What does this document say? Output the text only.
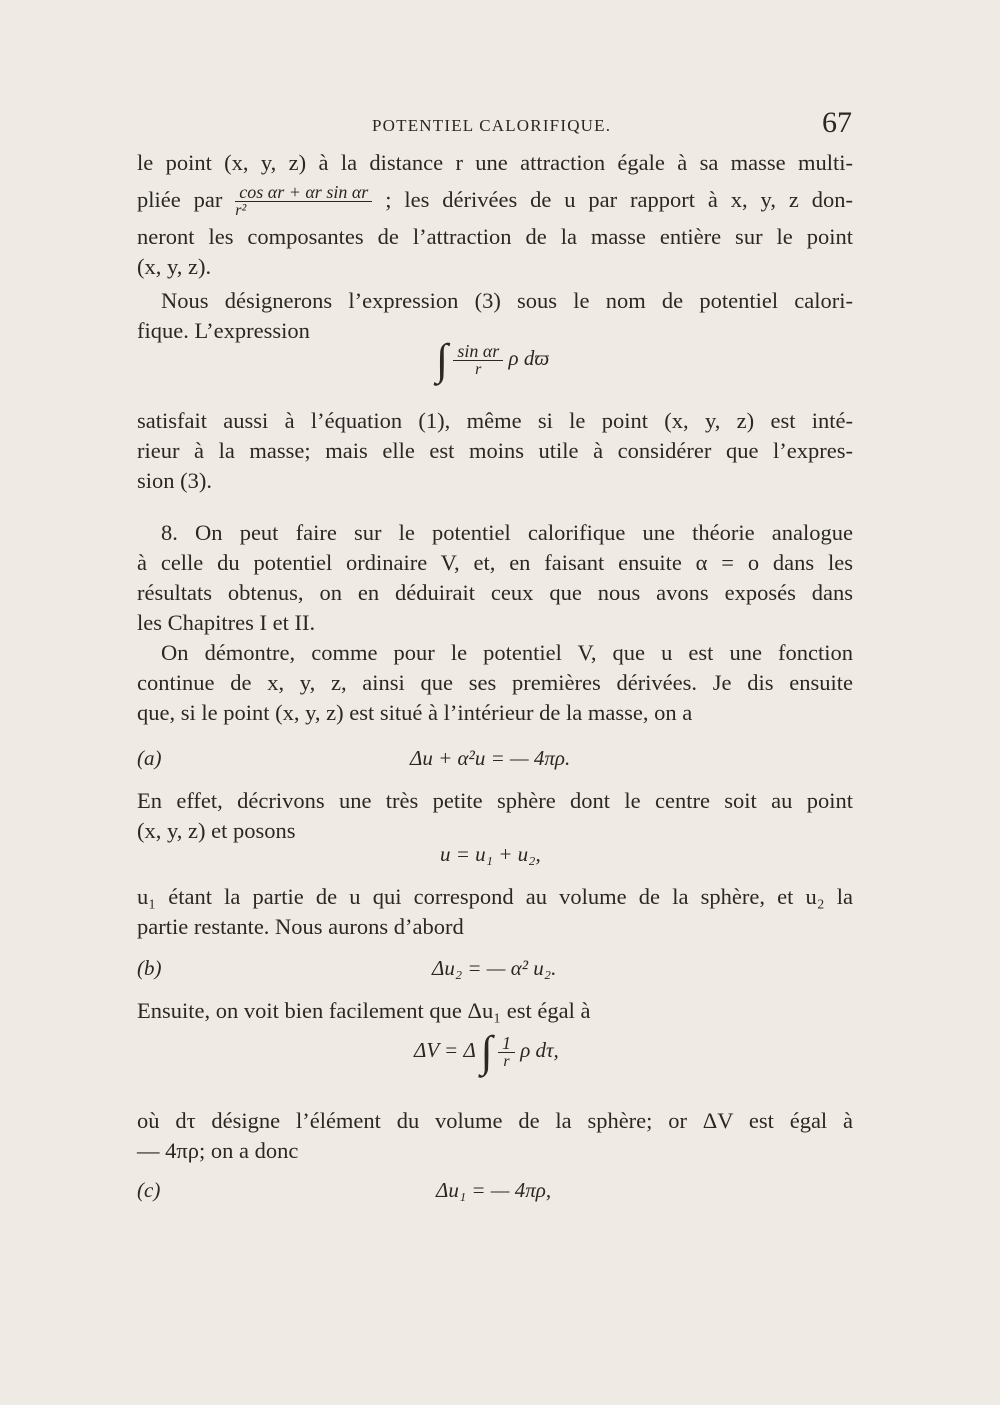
POTENTIEL CALORIFIQUE.	67
le point (x, y, z) à la distance r une attraction égale à sa masse multi-
pliée par $\frac{\text{cos αr + αr sin αr}}{\text{r²}}$ ; les dérivées de u par rapport à x, y, z don-
neront les composantes de l’attraction de la masse entière sur le point
(x, y, z).
Nous désignerons l’expression (3) sous le nom de potentiel calori-
fique. L’expression
∫ $\frac{\text{sin αr}}{r}$ ρ dϖ
satisfait aussi à l’équation (1), même si le point (x, y, z) est inté-
rieur à la masse; mais elle est moins utile à considérer que l’expres-
sion (3).
8. On peut faire sur le potentiel calorifique une théorie analogue
à celle du potentiel ordinaire V, et, en faisant ensuite α = o dans les
résultats obtenus, on en déduirait ceux que nous avons exposés dans
les Chapitres I et II.
On démontre, comme pour le potentiel V, que u est une fonction
continue de x, y, z, ainsi que ses premières dérivées. Je dis ensuite
que, si le point (x, y, z) est situé à l’intérieur de la masse, on a
(a)	Δu + α²u = — 4πρ.
En effet, décrivons une très petite sphère dont le centre soit au point
(x, y, z) et posons
u = u₁ + u₂,
u₁ étant la partie de u qui correspond au volume de la sphère, et u₂ la
partie restante. Nous aurons d’abord
(b)	Δu₂ = — α² u₂.
Ensuite, on voit bien facilement que Δu₁ est égal à
ΔV = Δ ∫ $\frac{1}{r}$ ρ dτ,
où dτ désigne l’élément du volume de la sphère; or ΔV est égal à
— 4πρ; on a donc
(c)	Δu₁ = — 4πρ,
